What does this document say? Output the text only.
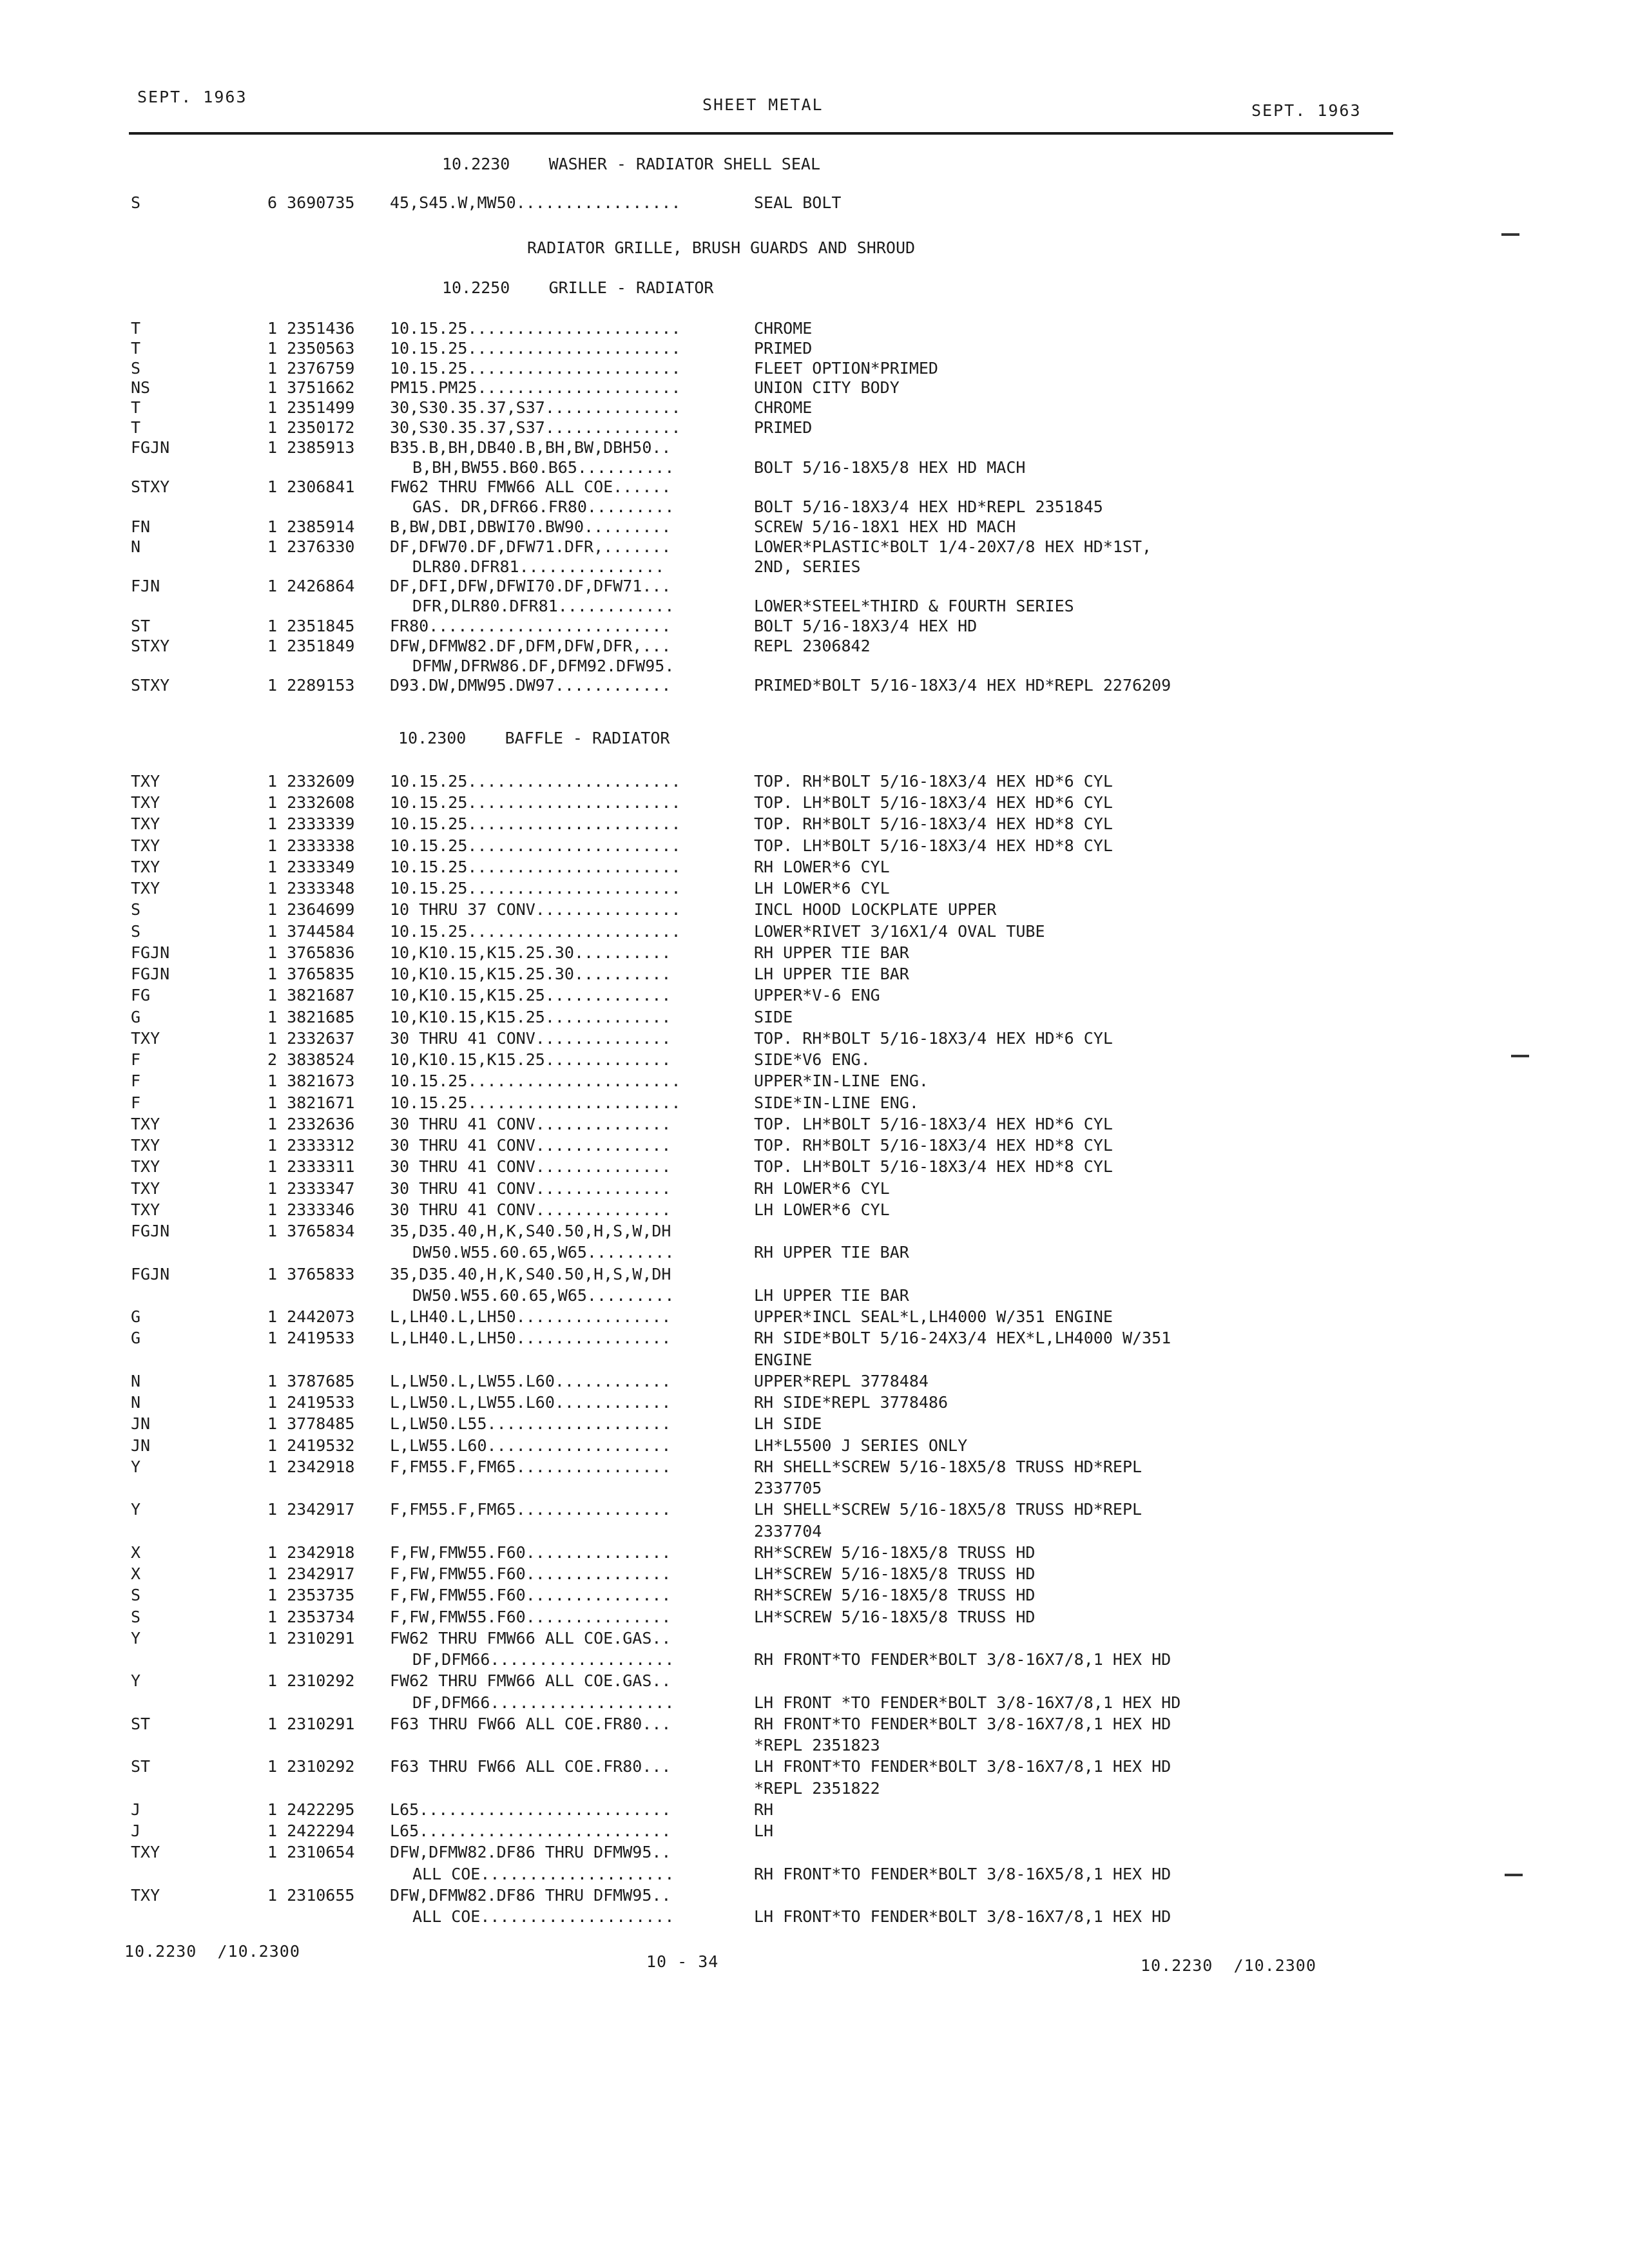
SEPT. 1963	SHEET METAL	SEPT. 1963
10.2230    WASHER - RADIATOR SHELL SEAL
RADIATOR GRILLE, BRUSH GUARDS AND SHROUD
10.2250    GRILLE - RADIATOR
10.2300    BAFFLE - RADIATOR
S	6 3690735 45,S45.W,MW50.................	SEAL BOLT
T	1 2351436 10.15.25......................	CHROME
T	1 2350563 10.15.25......................	PRIMED
S	1 2376759 10.15.25......................	FLEET OPTION*PRIMED
NS	1 3751662 PM15.PM25.....................	UNION CITY BODY
T	1 2351499 30,S30.35.37,S37..............	CHROME
T	1 2350172 30,S30.35.37,S37..............	PRIMED
FGJN	1 2385913 B35.B,BH,DB40.B,BH,BW,DBH50..
B,BH,BW55.B60.B65..........	BOLT 5/16-18X5/8 HEX HD MACH
STXY	1 2306841 FW62 THRU FMW66 ALL COE......
GAS. DR,DFR66.FR80.........	BOLT 5/16-18X3/4 HEX HD*REPL 2351845
FN	1 2385914 B,BW,DBI,DBWI70.BW90.........	SCREW 5/16-18X1 HEX HD MACH
N	1 2376330 DF,DFW70.DF,DFW71.DFR,.......	LOWER*PLASTIC*BOLT 1/4-20X7/8 HEX HD*1ST,
DLR80.DFR81...............	2ND, SERIES
FJN	1 2426864 DF,DFI,DFW,DFWI70.DF,DFW71...
DFR,DLR80.DFR81............	LOWER*STEEL*THIRD & FOURTH SERIES
ST	1 2351845 FR80.........................	BOLT 5/16-18X3/4 HEX HD
STXY	1 2351849 DFW,DFMW82.DF,DFM,DFW,DFR,...	REPL 2306842
DFMW,DFRW86.DF,DFM92.DFW95.
STXY	1 2289153 D93.DW,DMW95.DW97............	PRIMED*BOLT 5/16-18X3/4 HEX HD*REPL 2276209
TXY	1 2332609 10.15.25......................	TOP. RH*BOLT 5/16-18X3/4 HEX HD*6 CYL
TXY	1 2332608 10.15.25......................	TOP. LH*BOLT 5/16-18X3/4 HEX HD*6 CYL
TXY	1 2333339 10.15.25......................	TOP. RH*BOLT 5/16-18X3/4 HEX HD*8 CYL
TXY	1 2333338 10.15.25......................	TOP. LH*BOLT 5/16-18X3/4 HEX HD*8 CYL
TXY	1 2333349 10.15.25......................	RH LOWER*6 CYL
TXY	1 2333348 10.15.25......................	LH LOWER*6 CYL
S	1 2364699 10 THRU 37 CONV...............	INCL HOOD LOCKPLATE UPPER
S	1 3744584 10.15.25......................	LOWER*RIVET 3/16X1/4 OVAL TUBE
FGJN	1 3765836 10,K10.15,K15.25.30..........	RH UPPER TIE BAR
FGJN	1 3765835 10,K10.15,K15.25.30..........	LH UPPER TIE BAR
FG	1 3821687 10,K10.15,K15.25.............	UPPER*V-6 ENG
G	1 3821685 10,K10.15,K15.25.............	SIDE
TXY	1 2332637 30 THRU 41 CONV..............	TOP. RH*BOLT 5/16-18X3/4 HEX HD*6 CYL
F	2 3838524 10,K10.15,K15.25.............	SIDE*V6 ENG.
F	1 3821673 10.15.25......................	UPPER*IN-LINE ENG.
F	1 3821671 10.15.25......................	SIDE*IN-LINE ENG.
TXY	1 2332636 30 THRU 41 CONV..............	TOP. LH*BOLT 5/16-18X3/4 HEX HD*6 CYL
TXY	1 2333312 30 THRU 41 CONV..............	TOP. RH*BOLT 5/16-18X3/4 HEX HD*8 CYL
TXY	1 2333311 30 THRU 41 CONV..............	TOP. LH*BOLT 5/16-18X3/4 HEX HD*8 CYL
TXY	1 2333347 30 THRU 41 CONV..............	RH LOWER*6 CYL
TXY	1 2333346 30 THRU 41 CONV..............	LH LOWER*6 CYL
FGJN	1 3765834 35,D35.40,H,K,S40.50,H,S,W,DH
DW50.W55.60.65,W65.........	RH UPPER TIE BAR
FGJN	1 3765833 35,D35.40,H,K,S40.50,H,S,W,DH
DW50.W55.60.65,W65.........	LH UPPER TIE BAR
G	1 2442073 L,LH40.L,LH50................	UPPER*INCL SEAL*L,LH4000 W/351 ENGINE
G	1 2419533 L,LH40.L,LH50................	RH SIDE*BOLT 5/16-24X3/4 HEX*L,LH4000 W/351
ENGINE
N	1 3787685 L,LW50.L,LW55.L60............	UPPER*REPL 3778484
N	1 2419533 L,LW50.L,LW55.L60............	RH SIDE*REPL 3778486
JN	1 3778485 L,LW50.L55...................	LH SIDE
JN	1 2419532 L,LW55.L60...................	LH*L5500 J SERIES ONLY
Y	1 2342918 F,FM55.F,FM65................	RH SHELL*SCREW 5/16-18X5/8 TRUSS HD*REPL
2337705
Y	1 2342917 F,FM55.F,FM65................	LH SHELL*SCREW 5/16-18X5/8 TRUSS HD*REPL
2337704
X	1 2342918 F,FW,FMW55.F60...............	RH*SCREW 5/16-18X5/8 TRUSS HD
X	1 2342917 F,FW,FMW55.F60...............	LH*SCREW 5/16-18X5/8 TRUSS HD
S	1 2353735 F,FW,FMW55.F60...............	RH*SCREW 5/16-18X5/8 TRUSS HD
S	1 2353734 F,FW,FMW55.F60...............	LH*SCREW 5/16-18X5/8 TRUSS HD
Y	1 2310291 FW62 THRU FMW66 ALL COE.GAS..
DF,DFM66...................	RH FRONT*TO FENDER*BOLT 3/8-16X7/8,1 HEX HD
Y	1 2310292 FW62 THRU FMW66 ALL COE.GAS..
DF,DFM66...................	LH FRONT *TO FENDER*BOLT 3/8-16X7/8,1 HEX HD
ST	1 2310291 F63 THRU FW66 ALL COE.FR80...	RH FRONT*TO FENDER*BOLT 3/8-16X7/8,1 HEX HD
*REPL 2351823
ST	1 2310292 F63 THRU FW66 ALL COE.FR80...	LH FRONT*TO FENDER*BOLT 3/8-16X7/8,1 HEX HD
*REPL 2351822
J	1 2422295 L65..........................	RH
J	1 2422294 L65..........................	LH
TXY	1 2310654 DFW,DFMW82.DF86 THRU DFMW95..
ALL COE....................	RH FRONT*TO FENDER*BOLT 3/8-16X5/8,1 HEX HD
TXY	1 2310655 DFW,DFMW82.DF86 THRU DFMW95..
ALL COE....................	LH FRONT*TO FENDER*BOLT 3/8-16X7/8,1 HEX HD
10.2230  /10.2300
10 - 34	10.2230  /10.2300
